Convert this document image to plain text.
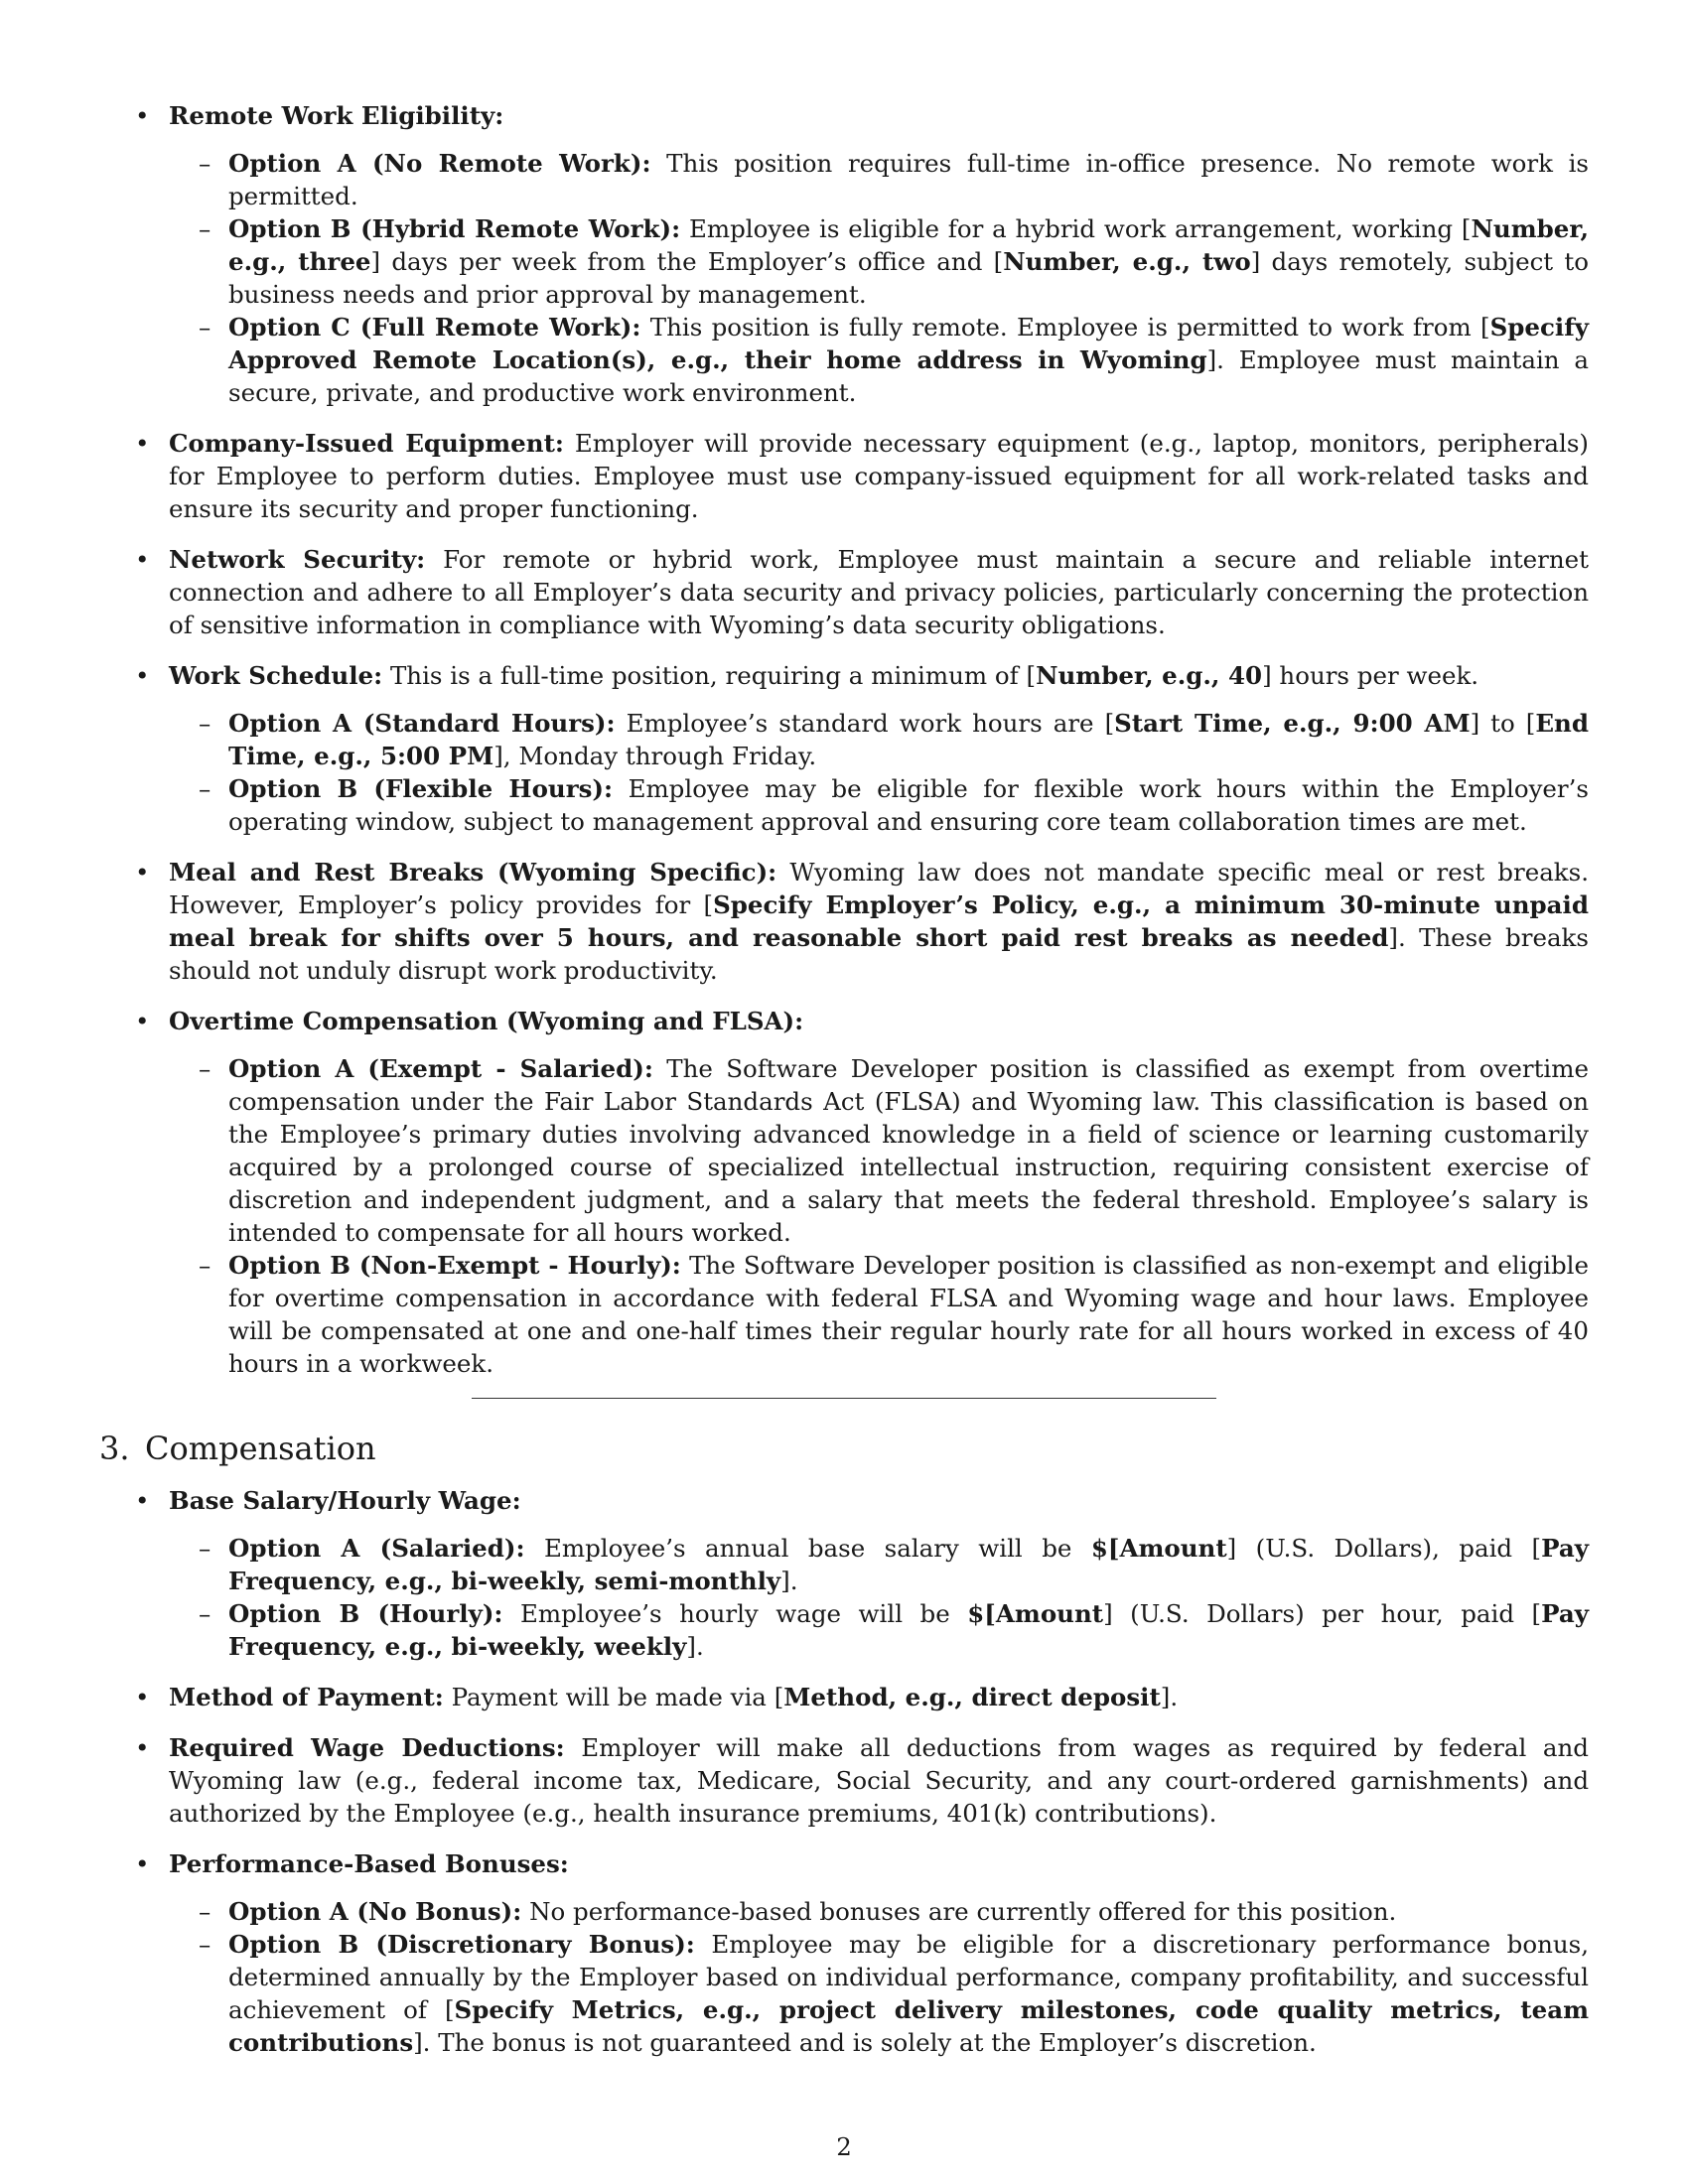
• Remote Work Eligibility:
– Option A (No Remote Work): This position requires full-time in-office presence. No remote work is permitted.
– Option B (Hybrid Remote Work): Employee is eligible for a hybrid work arrangement, working [Number, e.g., three] days per week from the Employer’s office and [Number, e.g., two] days remotely, subject to business needs and prior approval by management.
– Option C (Full Remote Work): This position is fully remote. Employee is permitted to work from [Specify Approved Remote Location(s), e.g., their home address in Wyoming]. Employee must maintain a secure, private, and productive work environment.
• Company-Issued Equipment: Employer will provide necessary equipment (e.g., laptop, monitors, peripherals) for Employee to perform duties. Employee must use company-issued equipment for all work-related tasks and ensure its security and proper functioning.
• Network Security: For remote or hybrid work, Employee must maintain a secure and reliable internet connection and adhere to all Employer’s data security and privacy policies, particularly concerning the protection of sensitive information in compliance with Wyoming’s data security obligations.
• Work Schedule: This is a full-time position, requiring a minimum of [Number, e.g., 40] hours per week.
– Option A (Standard Hours): Employee’s standard work hours are [Start Time, e.g., 9:00 AM] to [End Time, e.g., 5:00 PM], Monday through Friday.
– Option B (Flexible Hours): Employee may be eligible for flexible work hours within the Employer’s operating window, subject to management approval and ensuring core team collaboration times are met.
• Meal and Rest Breaks (Wyoming Specific): Wyoming law does not mandate specific meal or rest breaks. However, Employer’s policy provides for [Specify Employer’s Policy, e.g., a minimum 30-minute unpaid meal break for shifts over 5 hours, and reasonable short paid rest breaks as needed]. These breaks should not unduly disrupt work productivity.
• Overtime Compensation (Wyoming and FLSA):
– Option A (Exempt - Salaried): The Software Developer position is classified as exempt from overtime compensation under the Fair Labor Standards Act (FLSA) and Wyoming law. This classification is based on the Employee’s primary duties involving advanced knowledge in a field of science or learning customarily acquired by a prolonged course of specialized intellectual instruction, requiring consistent exercise of discretion and independent judgment, and a salary that meets the federal threshold. Employee’s salary is intended to compensate for all hours worked.
– Option B (Non-Exempt - Hourly): The Software Developer position is classified as non-exempt and eligible for overtime compensation in accordance with federal FLSA and Wyoming wage and hour laws. Employee will be compensated at one and one-half times their regular hourly rate for all hours worked in excess of 40 hours in a workweek.
3. Compensation
• Base Salary/Hourly Wage:
– Option A (Salaried): Employee’s annual base salary will be $[Amount] (U.S. Dollars), paid [Pay Frequency, e.g., bi-weekly, semi-monthly].
– Option B (Hourly): Employee’s hourly wage will be $[Amount] (U.S. Dollars) per hour, paid [Pay Frequency, e.g., bi-weekly, weekly].
• Method of Payment: Payment will be made via [Method, e.g., direct deposit].
• Required Wage Deductions: Employer will make all deductions from wages as required by federal and Wyoming law (e.g., federal income tax, Medicare, Social Security, and any court-ordered garnishments) and authorized by the Employee (e.g., health insurance premiums, 401(k) contributions).
• Performance-Based Bonuses:
– Option A (No Bonus): No performance-based bonuses are currently offered for this position.
– Option B (Discretionary Bonus): Employee may be eligible for a discretionary performance bonus, determined annually by the Employer based on individual performance, company profitability, and successful achievement of [Specify Metrics, e.g., project delivery milestones, code quality metrics, team contributions]. The bonus is not guaranteed and is solely at the Employer’s discretion.
2
